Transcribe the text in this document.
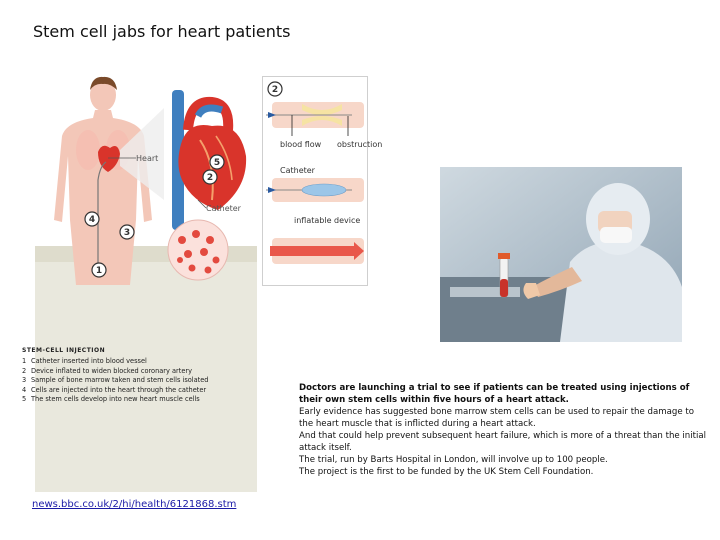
Stem cell jabs for heart patients
Heart
Catheter
1
2
3
4
5
2
blood flow obstruction
Catheter
inflatable device
STEM-CELL INJECTION
1 Catheter inserted into blood vessel
2 Device inflated to widen blocked coronary artery
3 Sample of bone marrow taken and stem cells isolated
4 Cells are injected into the heart through the catheter
5 The stem cells develop into new heart muscle cells
news.bbc.co.uk/2/hi/health/6121868.stm

Doctors are launching a trial to see if patients can be treated using injections of their own stem cells within five hours of a heart attack.

Early evidence has suggested bone marrow stem cells can be used to repair the damage to the heart muscle that is inflicted during a heart attack.

And that could help prevent subsequent heart failure, which is more of a threat than the initial attack itself.

The trial, run by Barts Hospital in London, will involve up to 100 people.

The project is the first to be funded by the UK Stem Cell Foundation.
